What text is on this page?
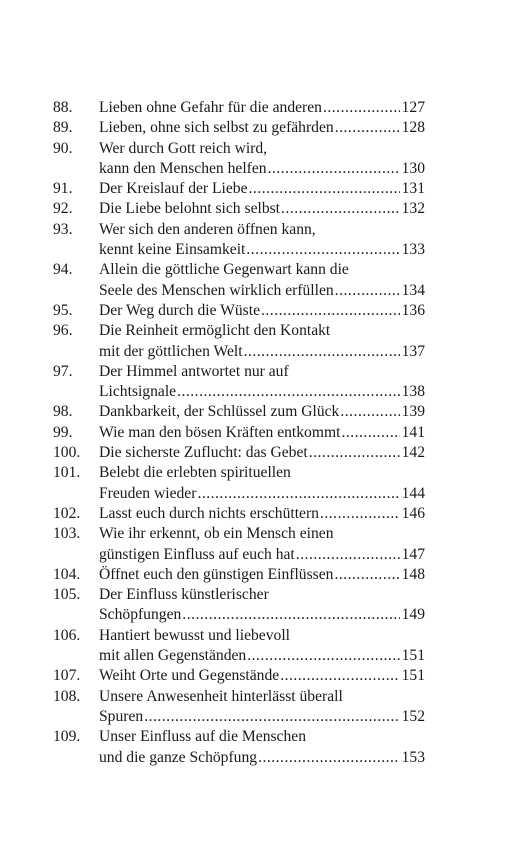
88.	Lieben ohne Gefahr für die anderen .....	127
89.	Lieben, ohne sich selbst zu gefährden .....	128
90.	Wer durch Gott reich wird,
kann den Menschen helfen .....	130
91.	Der Kreislauf der Liebe .....	131
92.	Die Liebe belohnt sich selbst .....	132
93.	Wer sich den anderen öffnen kann,
kennt keine Einsamkeit .....	133
94.	Allein die göttliche Gegenwart kann die
Seele des Menschen wirklich erfüllen .....	134
95.	Der Weg durch die Wüste .....	136
96.	Die Reinheit ermöglicht den Kontakt
mit der göttlichen Welt .....	137
97.	Der Himmel antwortet nur auf
Lichtsignale .....	138
98.	Dankbarkeit, der Schlüssel zum Glück .....	139
99.	Wie man den bösen Kräften entkommt .....	141
100.	Die sicherste Zuflucht: das Gebet .....	142
101.	Belebt die erlebten spirituellen
Freuden wieder .....	144
102.	Lasst euch durch nichts erschüttern .....	146
103.	Wie ihr erkennt, ob ein Mensch einen
günstigen Einfluss auf euch hat .....	147
104.	Öffnet euch den günstigen Einflüssen .....	148
105.	Der Einfluss künstlerischer
Schöpfungen .....	149
106.	Hantiert bewusst und liebevoll
mit allen Gegenständen .....	151
107.	Weiht Orte und Gegenstände .....	151
108.	Unsere Anwesenheit hinterlässt überall
Spuren .....	152
109.	Unser Einfluss auf die Menschen
und die ganze Schöpfung .....	153
